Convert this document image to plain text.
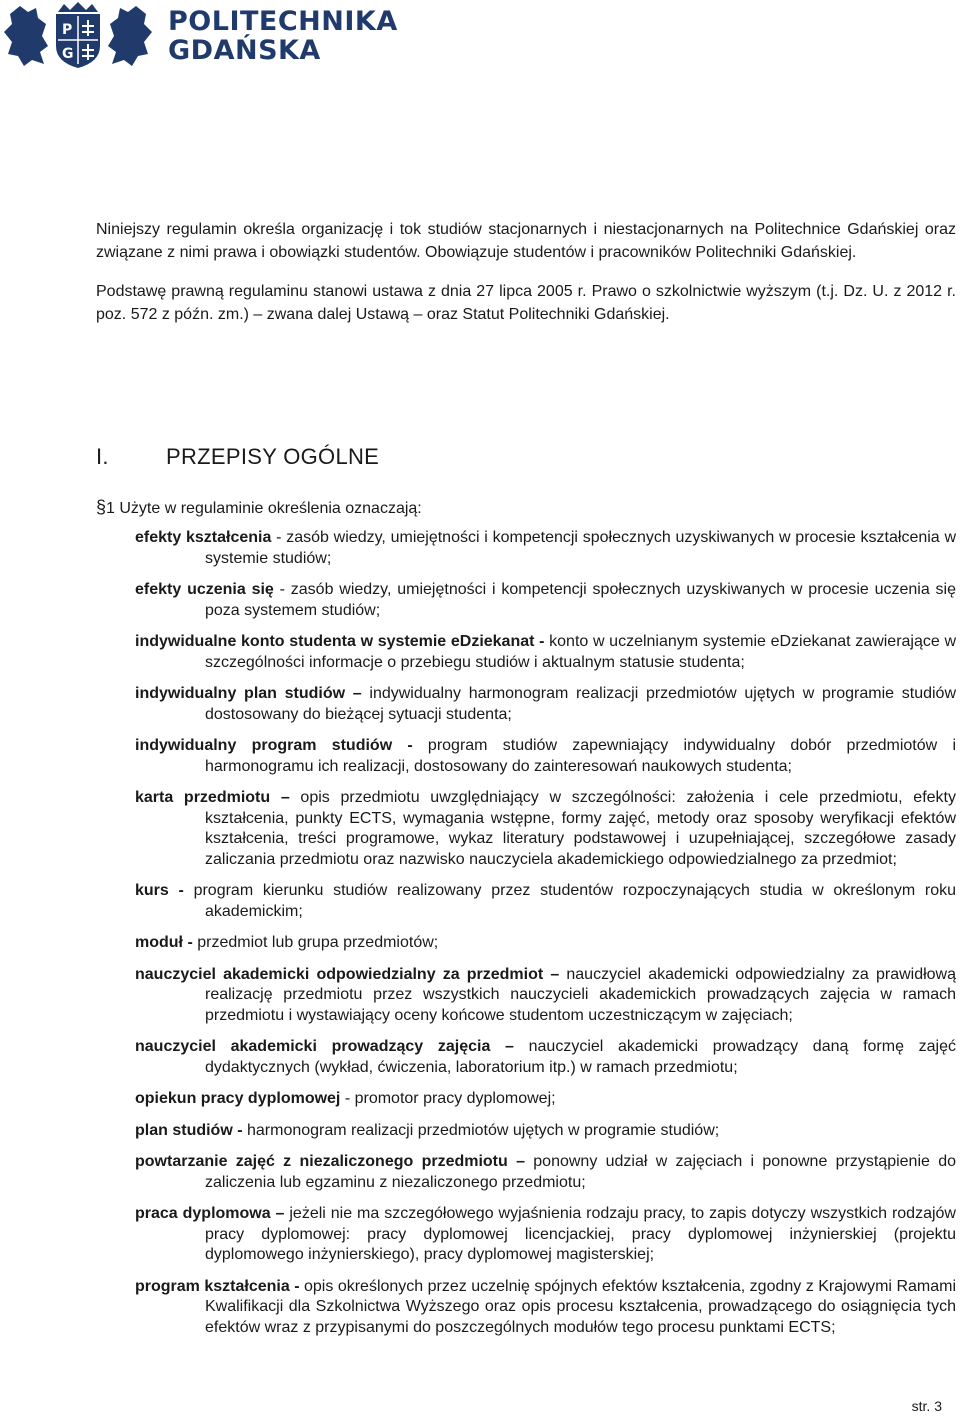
P
G
POLITECHNIKA
GDAŃSKA

Niniejszy regulamin określa organizację i tok studiów stacjonarnych i niestacjonarnych na Politechnice Gdańskiej oraz związane z nimi prawa i obowiązki studentów. Obowiązuje studentów i pracowników Politechniki Gdańskiej.

Podstawę prawną regulaminu stanowi ustawa z dnia 27 lipca 2005 r. Prawo o szkolnictwie wyższym (t.j. Dz. U. z 2012 r. poz. 572 z późn. zm.) – zwana dalej Ustawą – oraz Statut Politechniki Gdańskiej.

I.	PRZEPISY OGÓLNE
§1 Użyte w regulaminie określenia oznaczają:

efekty kształcenia - zasób wiedzy, umiejętności i kompetencji społecznych uzyskiwanych w procesie kształcenia w systemie studiów;

efekty uczenia się - zasób wiedzy, umiejętności i kompetencji społecznych uzyskiwanych w procesie uczenia się poza systemem studiów;

indywidualne konto studenta w systemie eDziekanat - konto w uczelnianym systemie eDziekanat zawierające w szczególności informacje o przebiegu studiów i aktualnym statusie studenta;

indywidualny plan studiów – indywidualny harmonogram realizacji przedmiotów ujętych w programie studiów dostosowany do bieżącej sytuacji studenta;

indywidualny program studiów - program studiów zapewniający indywidualny dobór przedmiotów i harmonogramu ich realizacji, dostosowany do zainteresowań naukowych studenta;

karta przedmiotu – opis przedmiotu uwzględniający w szczególności: założenia i cele przedmiotu, efekty kształcenia, punkty ECTS, wymagania wstępne, formy zajęć, metody oraz sposoby weryfikacji efektów kształcenia, treści programowe, wykaz literatury podstawowej i uzupełniającej, szczegółowe zasady zaliczania przedmiotu oraz nazwisko nauczyciela akademickiego odpowiedzialnego za przedmiot;

kurs - program kierunku studiów realizowany przez studentów rozpoczynających studia w określonym roku akademickim;

moduł - przedmiot lub grupa przedmiotów;

nauczyciel akademicki odpowiedzialny za przedmiot – nauczyciel akademicki odpowiedzialny za prawidłową realizację przedmiotu przez wszystkich nauczycieli akademickich prowadzących zajęcia w ramach przedmiotu i wystawiający oceny końcowe studentom uczestniczącym w zajęciach;

nauczyciel akademicki prowadzący zajęcia – nauczyciel akademicki prowadzący daną formę zajęć dydaktycznych (wykład, ćwiczenia, laboratorium itp.) w ramach przedmiotu;

opiekun pracy dyplomowej - promotor pracy dyplomowej;

plan studiów - harmonogram realizacji przedmiotów ujętych w programie studiów;

powtarzanie zajęć z niezaliczonego przedmiotu – ponowny udział w zajęciach i ponowne przystąpienie do zaliczenia lub egzaminu z niezaliczonego przedmiotu;

praca dyplomowa – jeżeli nie ma szczegółowego wyjaśnienia rodzaju pracy, to zapis dotyczy wszystkich rodzajów pracy dyplomowej: pracy dyplomowej licencjackiej, pracy dyplomowej inżynierskiej (projektu dyplomowego inżynierskiego), pracy dyplomowej magisterskiej;

program kształcenia - opis określonych przez uczelnię spójnych efektów kształcenia, zgodny z Krajowymi Ramami Kwalifikacji dla Szkolnictwa Wyższego oraz opis procesu kształcenia, prowadzącego do osiągnięcia tych efektów wraz z przypisanymi do poszczególnych modułów tego procesu punktami ECTS;

str. 3
